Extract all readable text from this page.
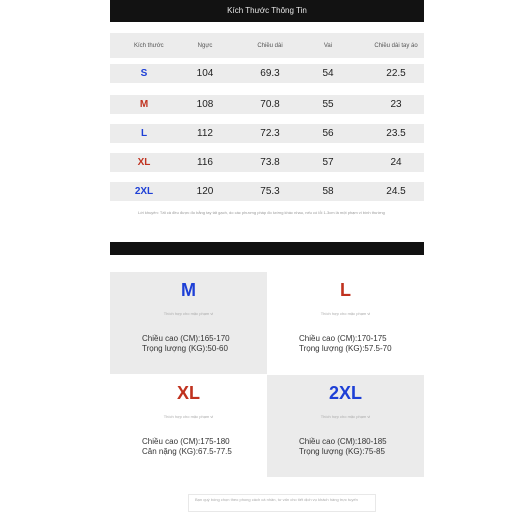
Kích Thước Thông Tin
Kích thước	Ngực	Chiều dài	Vai	Chiều dài tay áo
S	104	69.3	54	22.5
M	108	70.8	55	23
L	112	72.3	56	23.5
XL	116	73.8	57	24
2XL	120	75.3	58	24.5
Lời khuyên: Tất cả đều được đo bằng tay tất gạch, do các phương pháp đo lường khác nhau, nếu có lỗi 1-3cm là một phạm vi bình thường
M
Thích hợp cho mặc phạm vi
Chiều cao (CM):165-170
Trọng lượng (KG):50-60
L
Thích hợp cho mặc phạm vi
Chiều cao (CM):170-175
Trọng lượng (KG):57.5-70
XL
Thích hợp cho mặc phạm vi
Chiều cao (CM):175-180
Cân nặng (KG):67.5-77.5
2XL
Thích hợp cho mặc phạm vi
Chiều cao (CM):180-185
Trọng lượng (KG):75-85
Bạn quý bóng chọn theo phong cách cá nhân, tư vấn cho tiết dịch vụ khách hàng trực tuyến
